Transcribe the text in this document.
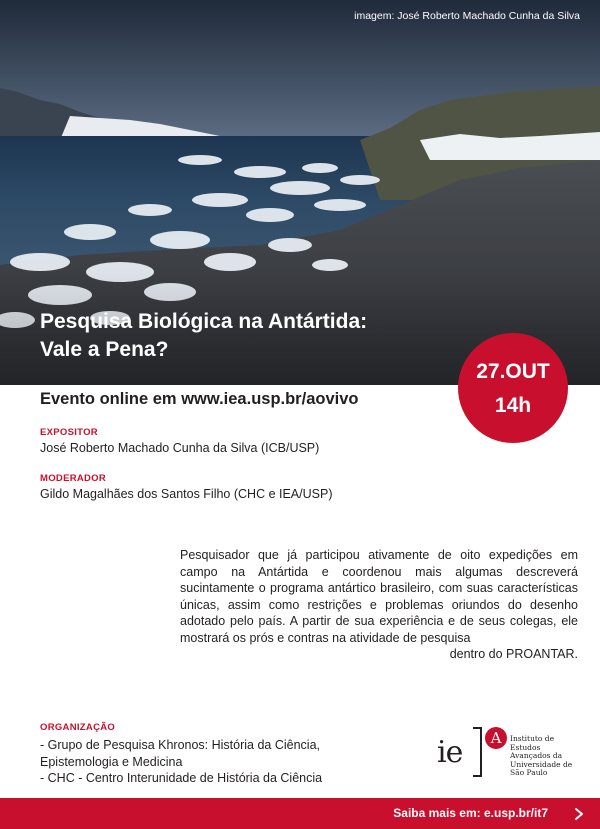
imagem: José Roberto Machado Cunha da Silva
Pesquisa Biológica na Antártida:
Vale a Pena?
27.OUT
14h
Evento online em www.iea.usp.br/aovivo
EXPOSITOR
José Roberto Machado Cunha da Silva (ICB/USP)
MODERADOR
Gildo Magalhães dos Santos Filho (CHC e IEA/USP)
Pesquisador que já participou ativamente de oito expedições em campo na Antártida e coordenou mais algumas descreverá sucintamente o programa antártico brasileiro, com suas características únicas, assim como restrições e problemas oriundos do desenho adotado pelo país. A partir de sua experiência e de seus colegas, ele mostrará os prós e contras na atividade de pesquisa
dentro do PROANTAR.
ORGANIZAÇÃO
- Grupo de Pesquisa Khronos: História da Ciência,
Epistemologia e Medicina
- CHC - Centro Interunidade de História da Ciência
ie	A	Instituto de
Estudos
Avançados da
Universidade de
São Paulo
Saiba mais em: e.usp.br/it7
